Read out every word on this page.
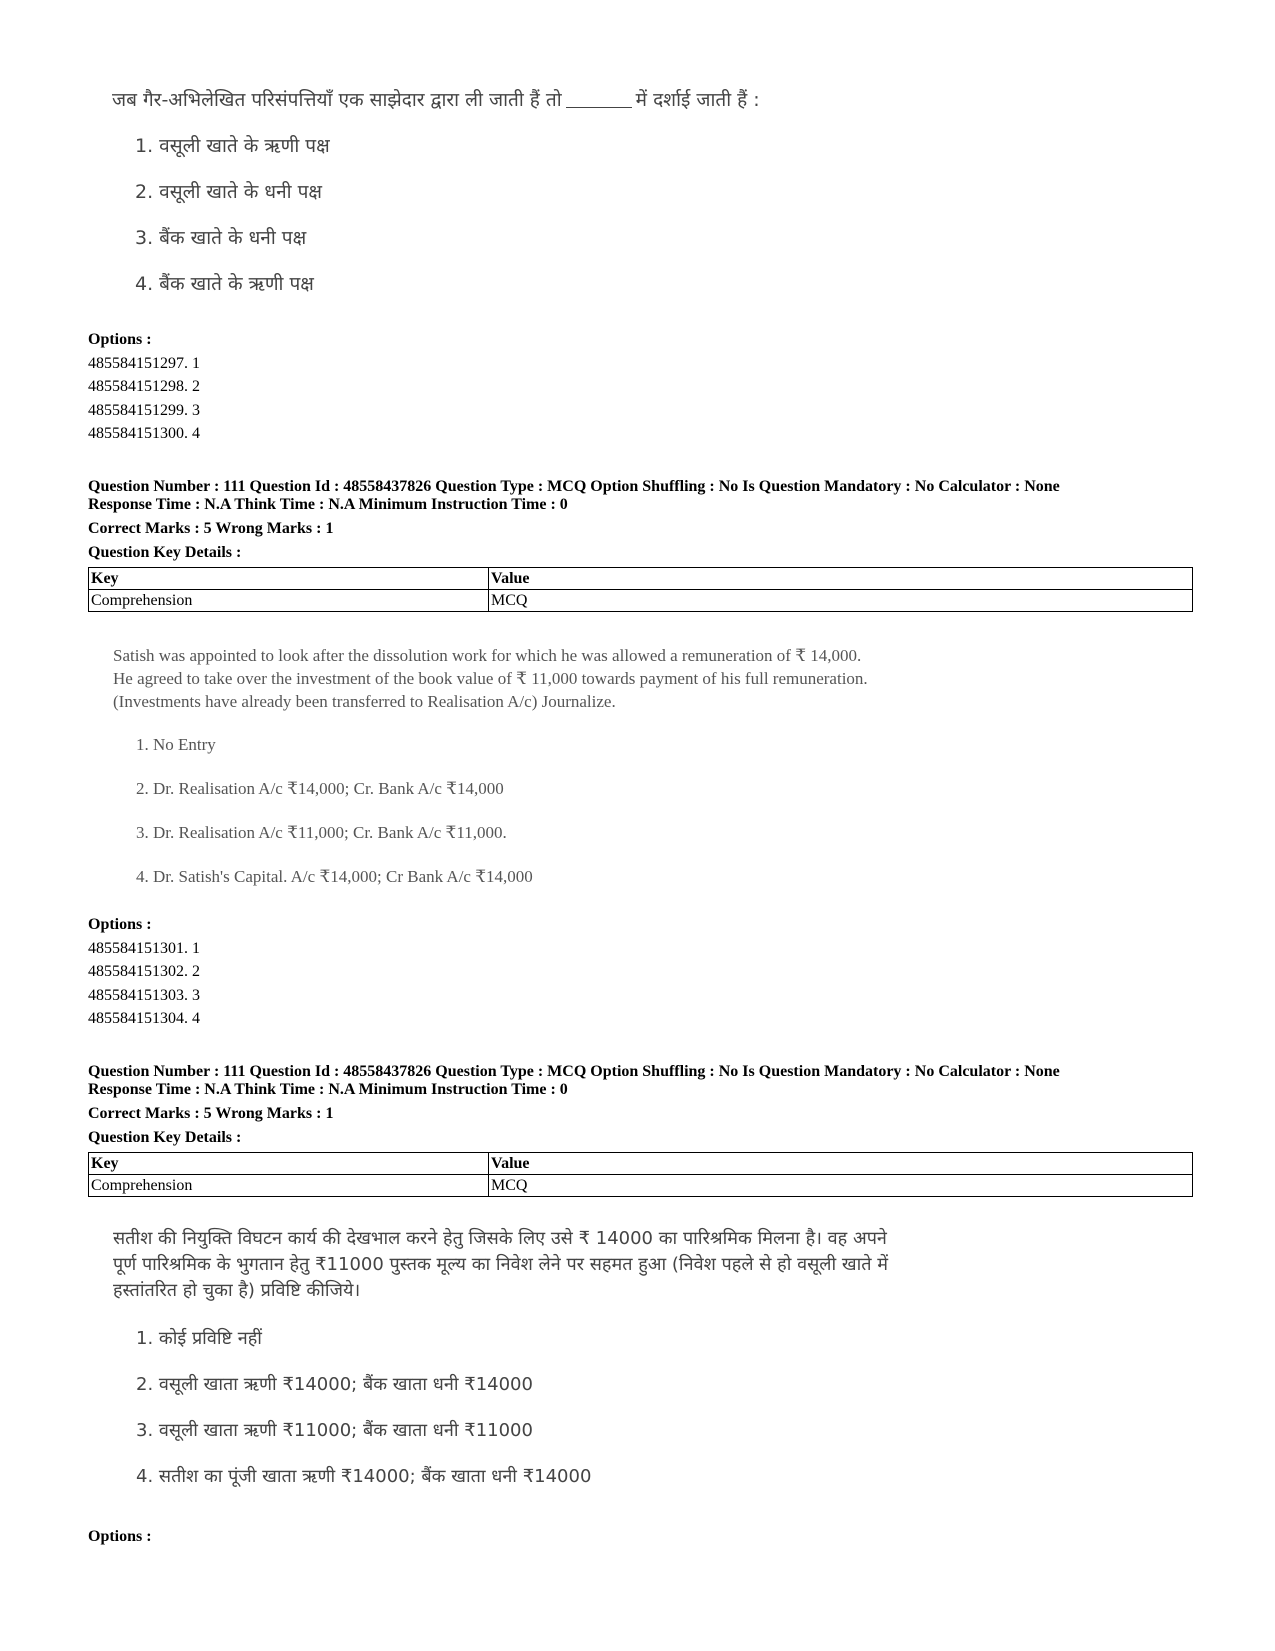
जब गैर-अभिलेखित परिसंपत्तियाँ एक साझेदार द्वारा ली जाती हैं तो	में दर्शाई जाती हैं :
1. वसूली खाते के ऋणी पक्ष
2. वसूली खाते के धनी पक्ष
3. बैंक खाते के धनी पक्ष
4. बैंक खाते के ऋणी पक्ष
Options :
485584151297. 1
485584151298. 2
485584151299. 3
485584151300. 4
Question Number : 111 Question Id : 48558437826 Question Type : MCQ Option Shuffling : No Is Question Mandatory : No Calculator : None
Response Time : N.A Think Time : N.A Minimum Instruction Time : 0
Correct Marks : 5 Wrong Marks : 1
Question Key Details :
Key	Value
Comprehension	MCQ
Satish was appointed to look after the dissolution work for which he was allowed a remuneration of ₹ 14,000.
He agreed to take over the investment of the book value of ₹ 11,000 towards payment of his full remuneration.
(Investments have already been transferred to Realisation A/c) Journalize.
1. No Entry
2. Dr. Realisation A/c ₹14,000; Cr. Bank A/c ₹14,000
3. Dr. Realisation A/c ₹11,000; Cr. Bank A/c ₹11,000.
4. Dr. Satish's Capital. A/c ₹14,000; Cr Bank A/c ₹14,000
Options :
485584151301. 1
485584151302. 2
485584151303. 3
485584151304. 4
Question Number : 111 Question Id : 48558437826 Question Type : MCQ Option Shuffling : No Is Question Mandatory : No Calculator : None
Response Time : N.A Think Time : N.A Minimum Instruction Time : 0
Correct Marks : 5 Wrong Marks : 1
Question Key Details :
Key	Value
Comprehension	MCQ
सतीश की नियुक्ति विघटन कार्य की देखभाल करने हेतु जिसके लिए उसे ₹ 14000 का पारिश्रमिक मिलना है। वह अपने
पूर्ण पारिश्रमिक के भुगतान हेतु ₹11000 पुस्तक मूल्य का निवेश लेने पर सहमत हुआ (निवेश पहले से हो वसूली खाते में
हस्तांतरित हो चुका है) प्रविष्टि कीजिये।
1. कोई प्रविष्टि नहीं
2. वसूली खाता ऋणी ₹14000; बैंक खाता धनी ₹14000
3. वसूली खाता ऋणी ₹11000; बैंक खाता धनी ₹11000
4. सतीश का पूंजी खाता ऋणी ₹14000; बैंक खाता धनी ₹14000
Options :
